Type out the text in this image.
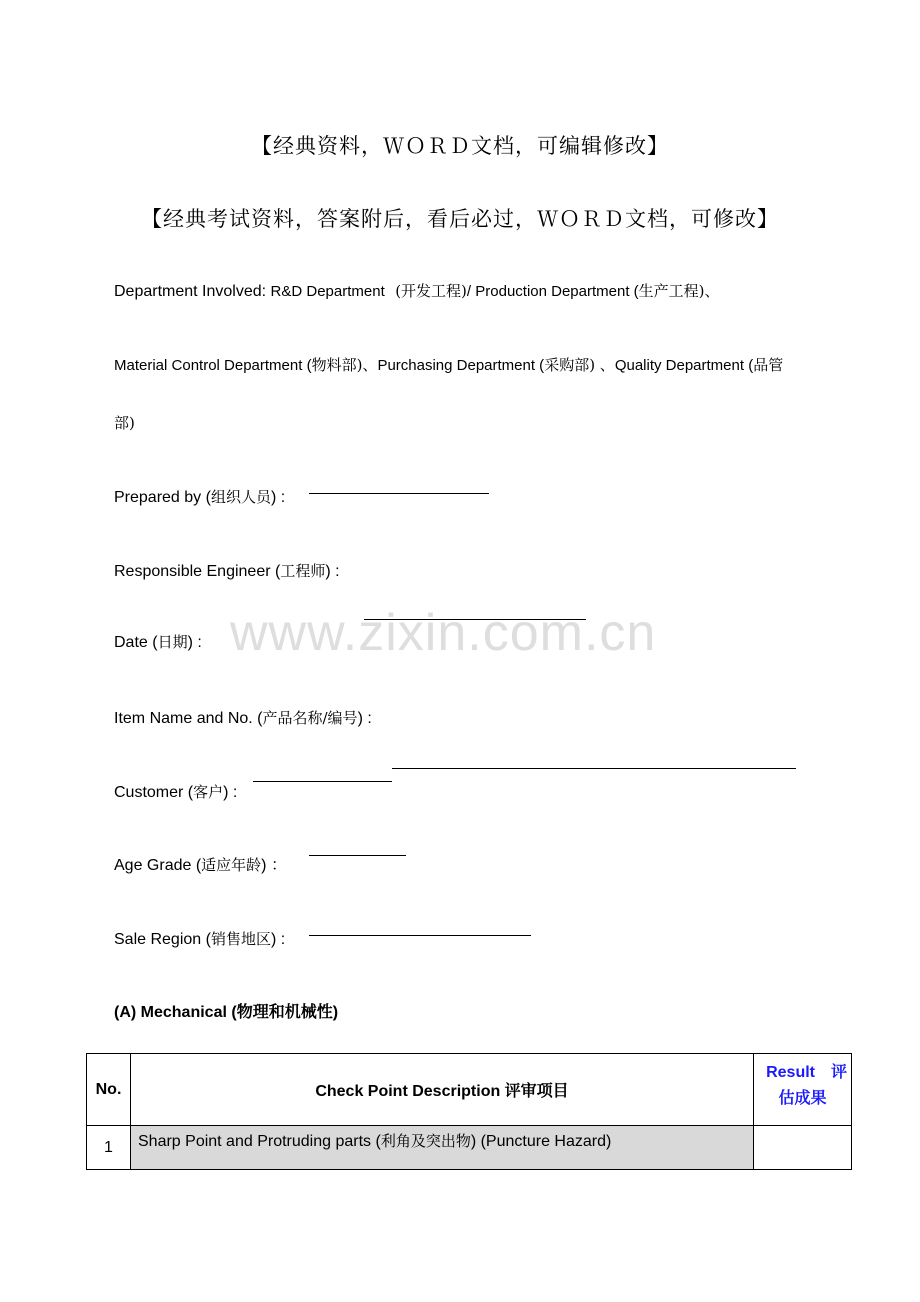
【经典资料，ＷＯＲＤ文档，可编辑修改】
【经典考试资料，答案附后，看后必过，ＷＯＲＤ文档，可修改】
Department Involved: R&D Department (开发工程)/ Production Department (生产工程)、
Material Control Department (物料部)、Purchasing Department (采购部) 、Quality Department (品管
部)
Prepared by (组织人员) :
Responsible Engineer (工程师) :
Date (日期) : www.zixin.com.cn
Item Name and No. (产品名称/编号) :
Customer (客户) :
Age Grade (适应年龄) ：
Sale Region (销售地区) :
(A) Mechanical (物理和机械性)
No.	Check Point Description 评审项目	Result　评
估成果

1	Sharp Point and Protruding parts (利角及突出物) (Puncture Hazard)	
